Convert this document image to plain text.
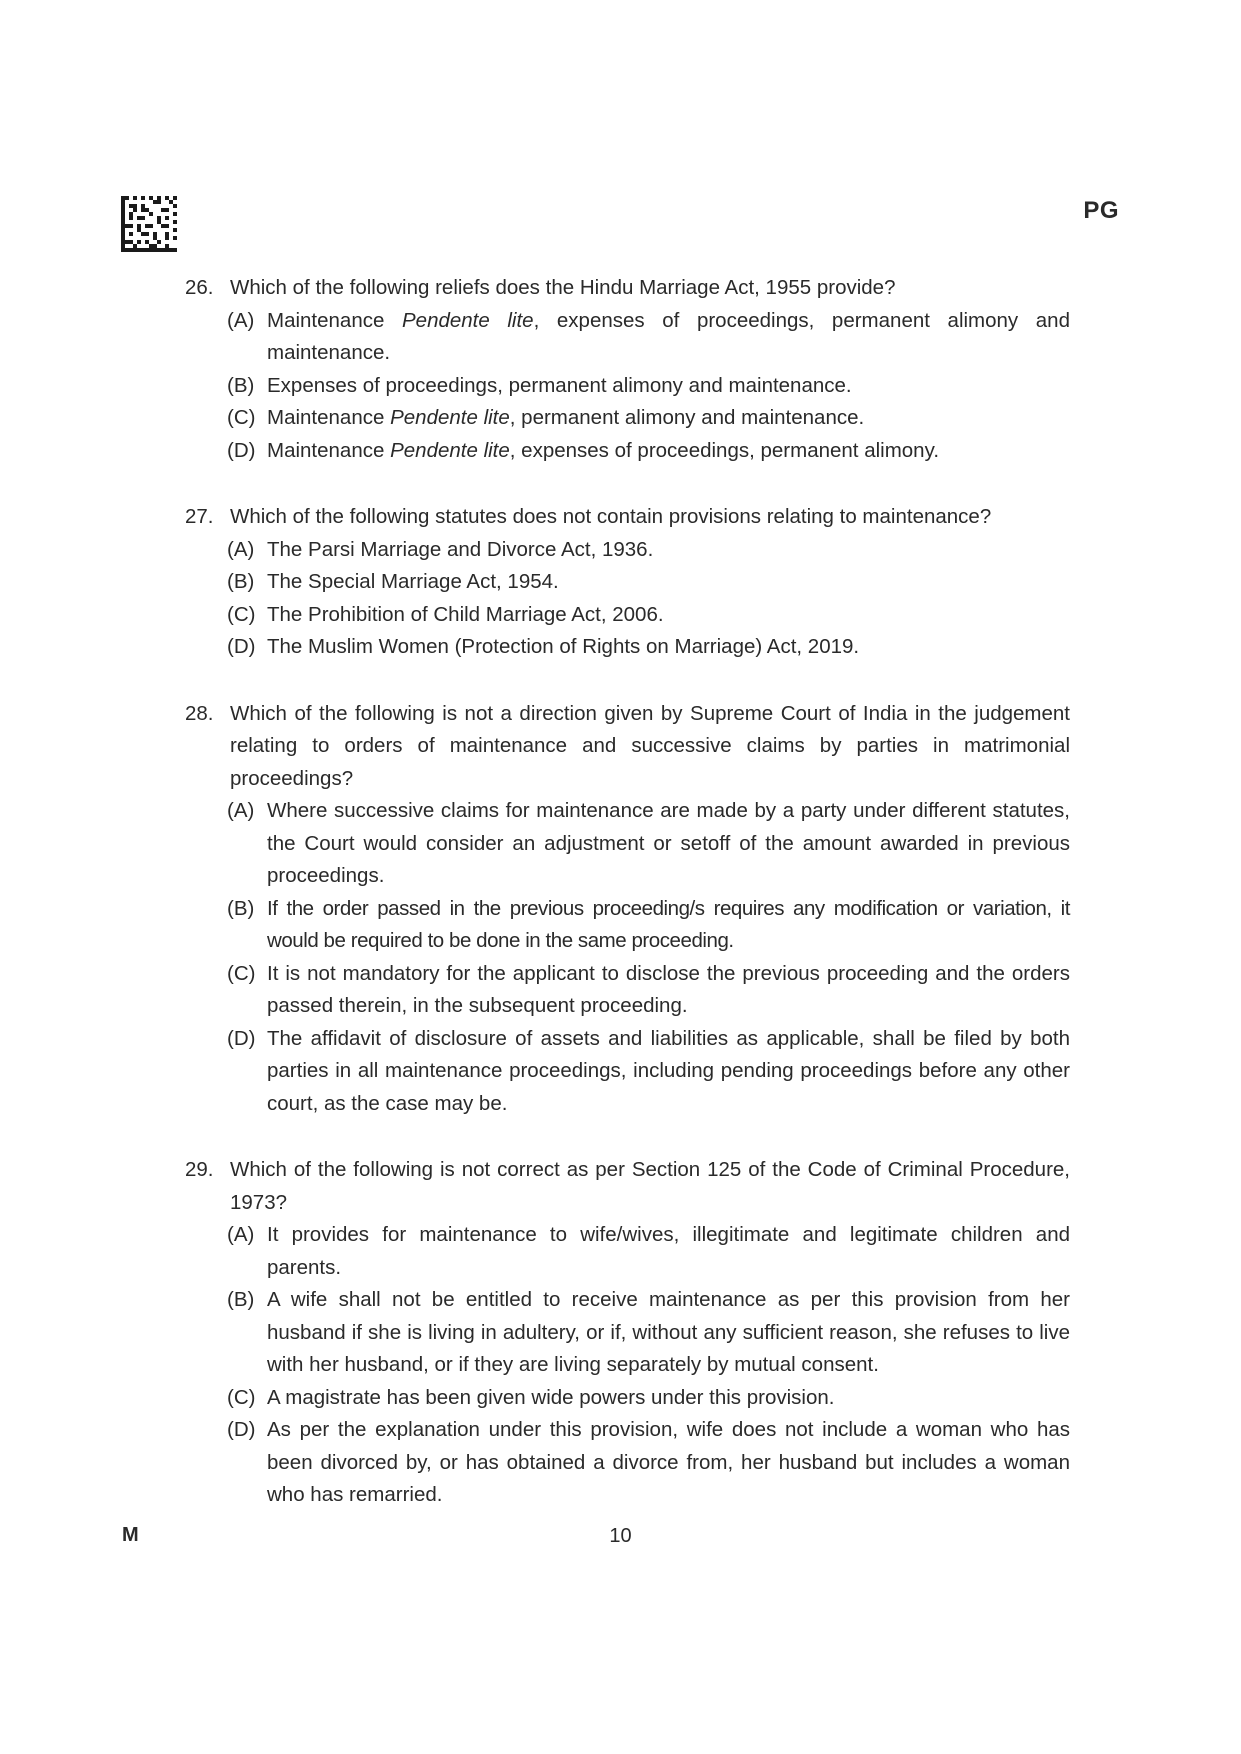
PG
26. Which of the following reliefs does the Hindu Marriage Act, 1955 provide?
(A) Maintenance Pendente lite, expenses of proceedings, permanent alimony and maintenance.
(B) Expenses of proceedings, permanent alimony and maintenance.
(C) Maintenance Pendente lite, permanent alimony and maintenance.
(D) Maintenance Pendente lite, expenses of proceedings, permanent alimony.
27. Which of the following statutes does not contain provisions relating to maintenance?
(A) The Parsi Marriage and Divorce Act, 1936.
(B) The Special Marriage Act, 1954.
(C) The Prohibition of Child Marriage Act, 2006.
(D) The Muslim Women (Protection of Rights on Marriage) Act, 2019.
28. Which of the following is not a direction given by Supreme Court of India in the judgement relating to orders of maintenance and successive claims by parties in matrimonial proceedings?
(A) Where successive claims for maintenance are made by a party under different statutes, the Court would consider an adjustment or setoff of the amount awarded in previous proceedings.
(B) If the order passed in the previous proceeding/s requires any modification or variation, it would be required to be done in the same proceeding.
(C) It is not mandatory for the applicant to disclose the previous proceeding and the orders passed therein, in the subsequent proceeding.
(D) The affidavit of disclosure of assets and liabilities as applicable, shall be filed by both parties in all maintenance proceedings, including pending proceedings before any other court, as the case may be.
29. Which of the following is not correct as per Section 125 of the Code of Criminal Procedure, 1973?
(A) It provides for maintenance to wife/wives, illegitimate and legitimate children and parents.
(B) A wife shall not be entitled to receive maintenance as per this provision from her husband if she is living in adultery, or if, without any sufficient reason, she refuses to live with her husband, or if they are living separately by mutual consent.
(C) A magistrate has been given wide powers under this provision.
(D) As per the explanation under this provision, wife does not include a woman who has been divorced by, or has obtained a divorce from, her husband but includes a woman who has remarried.
M	10
